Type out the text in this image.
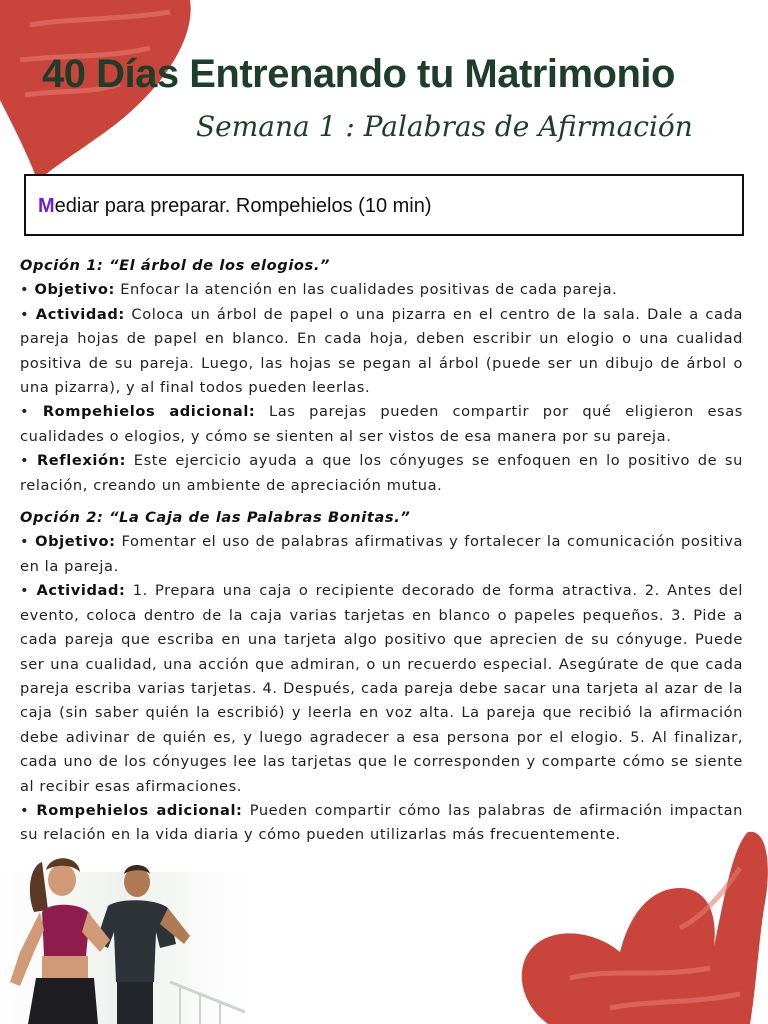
40 Días Entrenando tu Matrimonio
Semana 1 : Palabras de Afirmación
Mediar para preparar. Rompehielos (10 min)
Opción 1: “El árbol de los elogios.”

• Objetivo: Enfocar la atención en las cualidades positivas de cada pareja.

• Actividad: Coloca un árbol de papel o una pizarra en el centro de la sala. Dale a cada pareja hojas de papel en blanco. En cada hoja, deben escribir un elogio o una cualidad positiva de su pareja. Luego, las hojas se pegan al árbol (puede ser un dibujo de árbol o una pizarra), y al final todos pueden leerlas.

• Rompehielos adicional: Las parejas pueden compartir por qué eligieron esas cualidades o elogios, y cómo se sienten al ser vistos de esa manera por su pareja.

• Reflexión: Este ejercicio ayuda a que los cónyuges se enfoquen en lo positivo de su relación, creando un ambiente de apreciación mutua.

Opción 2: “La Caja de las Palabras Bonitas.”

• Objetivo: Fomentar el uso de palabras afirmativas y fortalecer la comunicación positiva en la pareja.

• Actividad: 1. Prepara una caja o recipiente decorado de forma atractiva. 2. Antes del evento, coloca dentro de la caja varias tarjetas en blanco o papeles pequeños. 3. Pide a cada pareja que escriba en una tarjeta algo positivo que aprecien de su cónyuge. Puede ser una cualidad, una acción que admiran, o un recuerdo especial. Asegúrate de que cada pareja escriba varias tarjetas. 4. Después, cada pareja debe sacar una tarjeta al azar de la caja (sin saber quién la escribió) y leerla en voz alta. La pareja que recibió la afirmación debe adivinar de quién es, y luego agradecer a esa persona por el elogio. 5. Al finalizar, cada uno de los cónyuges lee las tarjetas que le corresponden y comparte cómo se siente al recibir esas afirmaciones.

• Rompehielos adicional: Pueden compartir cómo las palabras de afirmación impactan su relación en la vida diaria y cómo pueden utilizarlas más frecuentemente.
